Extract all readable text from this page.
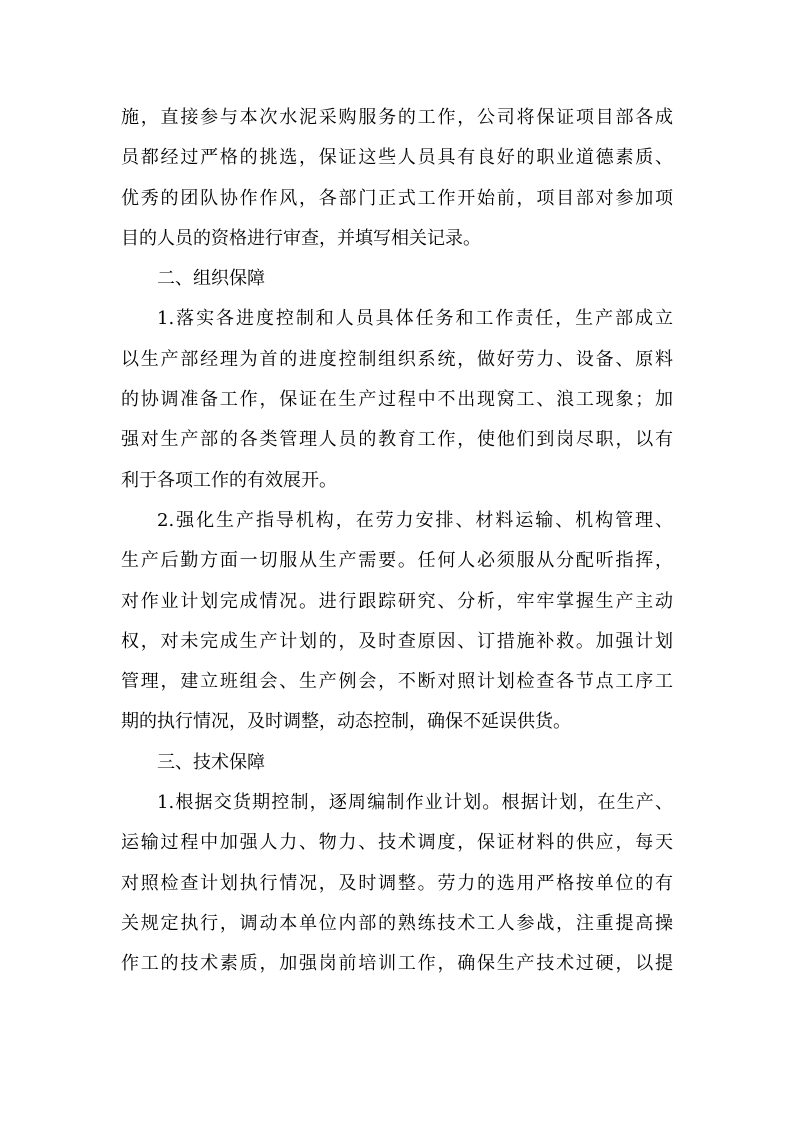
施，直接参与本次水泥采购服务的工作，公司将保证项目部各成
员都经过严格的挑选，保证这些人员具有良好的职业道德素质、
优秀的团队协作作风，各部门正式工作开始前，项目部对参加项
目的人员的资格进行审查，并填写相关记录。
二、组织保障
1.落实各进度控制和人员具体任务和工作责任，生产部成立
以生产部经理为首的进度控制组织系统，做好劳力、设备、原料
的协调准备工作，保证在生产过程中不出现窝工、浪工现象；加
强对生产部的各类管理人员的教育工作，使他们到岗尽职，以有
利于各项工作的有效展开。
2.强化生产指导机构，在劳力安排、材料运输、机构管理、
生产后勤方面一切服从生产需要。任何人必须服从分配听指挥，
对作业计划完成情况。进行跟踪研究、分析，牢牢掌握生产主动
权，对未完成生产计划的，及时查原因、订措施补救。加强计划
管理，建立班组会、生产例会，不断对照计划检查各节点工序工
期的执行情况，及时调整，动态控制，确保不延误供货。
三、技术保障
1.根据交货期控制，逐周编制作业计划。根据计划，在生产、
运输过程中加强人力、物力、技术调度，保证材料的供应，每天
对照检查计划执行情况，及时调整。劳力的选用严格按单位的有
关规定执行，调动本单位内部的熟练技术工人参战，注重提高操
作工的技术素质，加强岗前培训工作，确保生产技术过硬，以提
